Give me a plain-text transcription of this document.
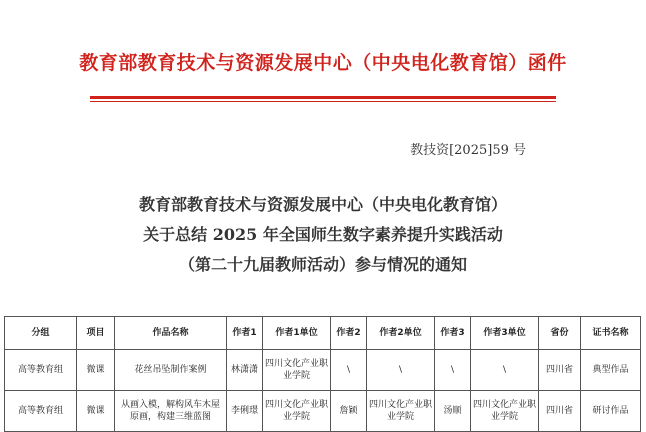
教育部教育技术与资源发展中心（中央电化教育馆）函件
教技资[2025]59 号
教育部教育技术与资源发展中心（中央电化教育馆）
关于总结 2025 年全国师生数字素养提升实践活动
（第二十九届教师活动）参与情况的通知
分组	项目	作品名称	作者1	作者1单位	作者2	作者2单位	作者3	作者3单位	省份	证书名称
高等教育组	微课	花丝吊坠制作案例	林潇潇	四川文化产业职业学院	\	\	\	\	四川省	典型作品
高等教育组	微课	从画入模，解构风车木屋原画，构建三维蓝图	李俐璟	四川文化产业职业学院	詹颖	四川文化产业职业学院	汤顺	四川文化产业职业学院	四川省	研讨作品
